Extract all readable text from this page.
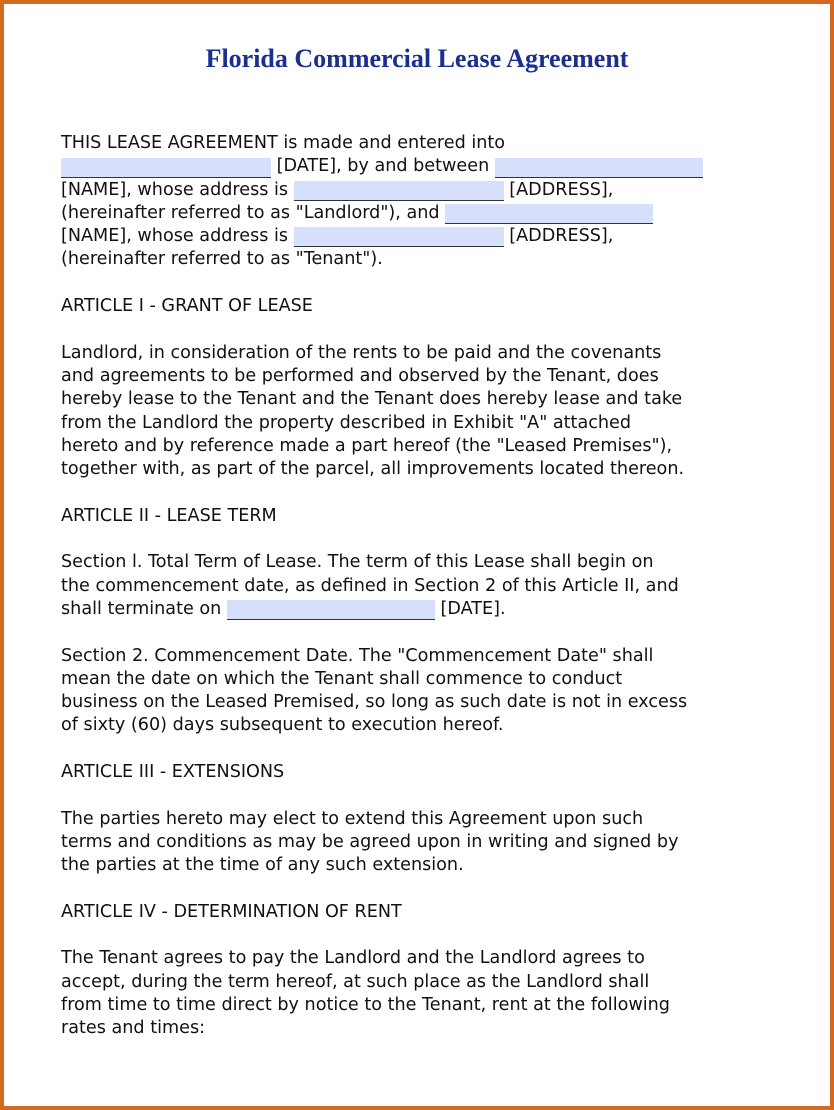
Florida Commercial Lease Agreement
THIS LEASE AGREEMENT is made and entered into
[DATE], by and between
[NAME], whose address is	[ADDRESS],
(hereinafter referred to as "Landlord"), and
[NAME], whose address is	[ADDRESS],
(hereinafter referred to as "Tenant").
ARTICLE I - GRANT OF LEASE
Landlord, in consideration of the rents to be paid and the covenants
and agreements to be performed and observed by the Tenant, does
hereby lease to the Tenant and the Tenant does hereby lease and take
from the Landlord the property described in Exhibit "A" attached
hereto and by reference made a part hereof (the "Leased Premises"),
together with, as part of the parcel, all improvements located thereon.
ARTICLE II - LEASE TERM
Section l. Total Term of Lease. The term of this Lease shall begin on
the commencement date, as defined in Section 2 of this Article II, and
shall terminate on	[DATE].
Section 2. Commencement Date. The "Commencement Date" shall
mean the date on which the Tenant shall commence to conduct
business on the Leased Premised, so long as such date is not in excess
of sixty (60) days subsequent to execution hereof.
ARTICLE III - EXTENSIONS
The parties hereto may elect to extend this Agreement upon such
terms and conditions as may be agreed upon in writing and signed by
the parties at the time of any such extension.
ARTICLE IV - DETERMINATION OF RENT
The Tenant agrees to pay the Landlord and the Landlord agrees to
accept, during the term hereof, at such place as the Landlord shall
from time to time direct by notice to the Tenant, rent at the following
rates and times:
